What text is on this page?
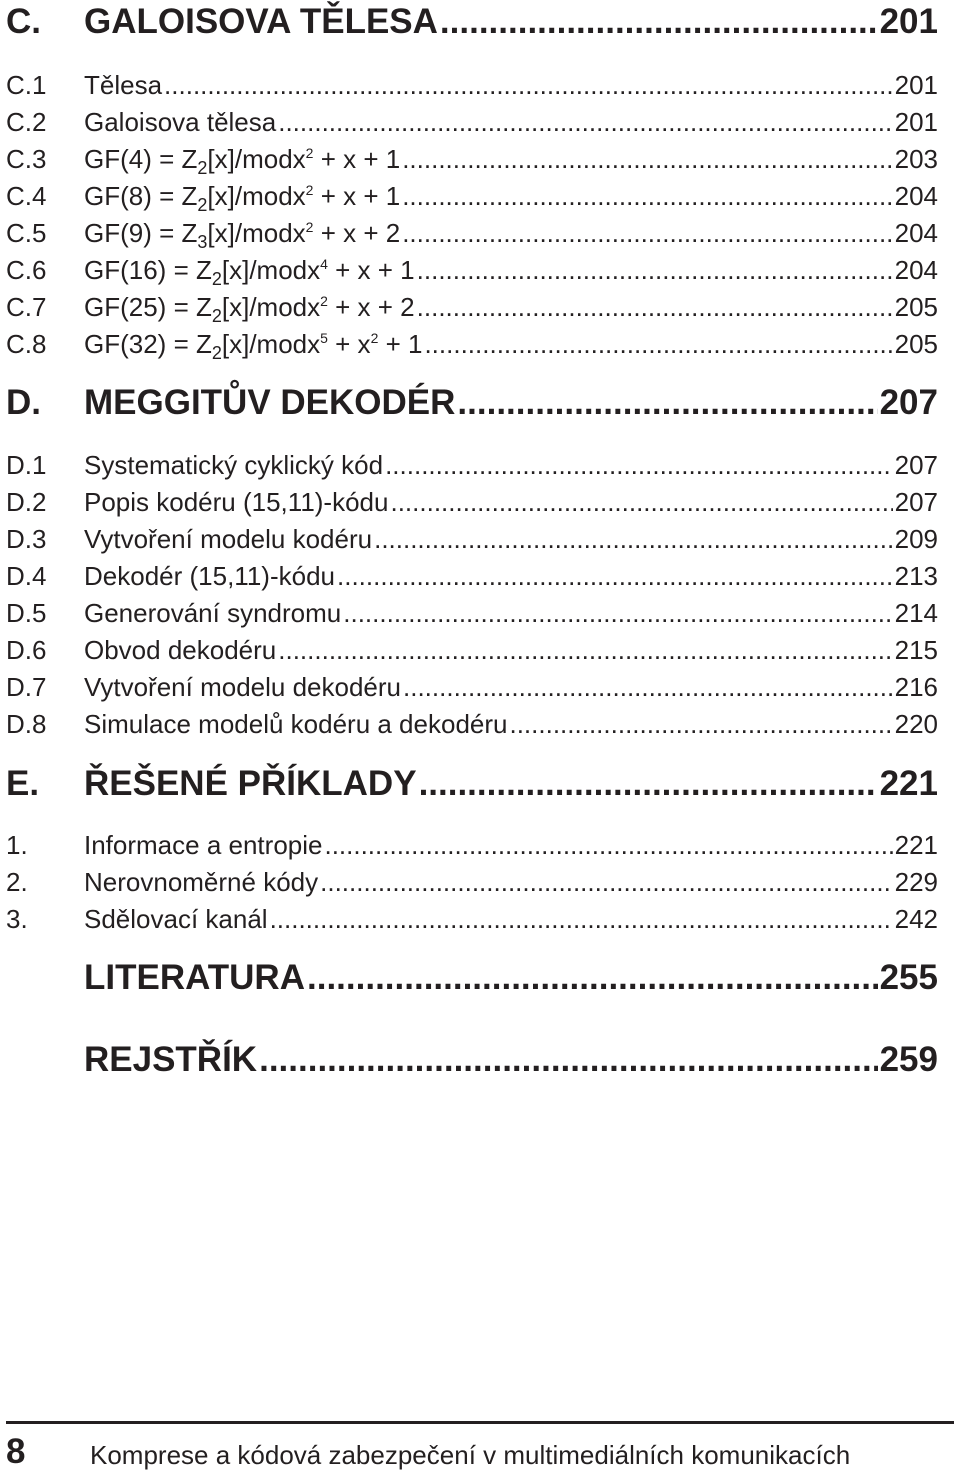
C. GALOISOVA TĚLESA .....	201
C.1 Tělesa .....	201
C.2 Galoisova tělesa .....	201
C.3 $GF(4) = Z_2[x]/modx^2 + x + 1$ .....	203
C.4 $GF(8) = Z_2[x]/modx^2 + x + 1$ .....	204
C.5 $GF(9) = Z_3[x]/modx^2 + x + 2$ .....	204
C.6 $GF(16) = Z_2[x]/modx^4 + x + 1$ .....	204
C.7 $GF(25) = Z_2[x]/modx^2 + x + 2$ .....	205
C.8 $GF(32) = Z_2[x]/modx^5 + x^2 + 1$ .....	205
D. MEGGITŮV DEKODÉR .....	207
D.1 Systematický cyklický kód .....	207
D.2 Popis kodéru (15,11)-kódu .....	207
D.3 Vytvoření modelu kodéru .....	209
D.4 Dekodér (15,11)-kódu .....	213
D.5 Generování syndromu .....	214
D.6 Obvod dekodéru .....	215
D.7 Vytvoření modelu dekodéru .....	216
D.8 Simulace modelů kodéru a dekodéru .....	220
E. ŘEŠENÉ PŘÍKLADY .....	221
1. Informace a entropie .....	221
2. Nerovnoměrné kódy .....	229
3. Sdělovací kanál .....	242
LITERATURA .....	255
REJSTŘÍK .....	259
8 Komprese a kódová zabezpečení v multimediálních komunikacích
